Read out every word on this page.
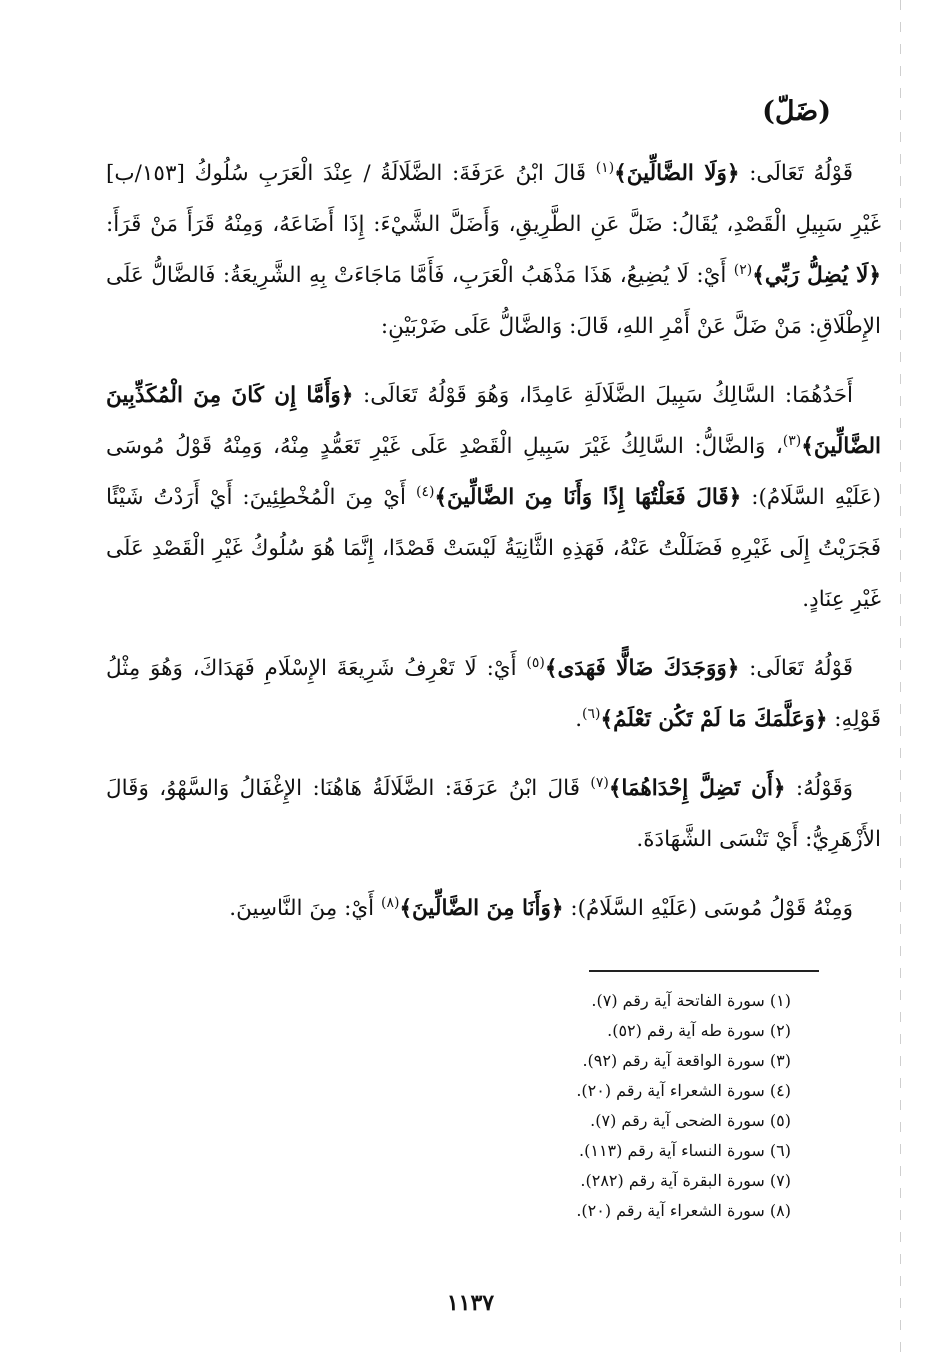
(ضَلّ)

قَوْلُهُ تَعَالَى: ﴿وَلَا الضَّالِّينَ﴾$^{(١)}$ قَالَ ابْنُ عَرَفَةَ: الضَّلَالَةُ / عِنْدَ الْعَرَبِ سُلُوكُ [١٥٣/ب] غَيْرِ سَبِيلِ الْقَصْدِ، يُقَالُ: ضَلَّ عَنِ الطَّرِيقِ، وَأَضَلَّ الشَّيْءَ: إِذَا أَضَاعَهُ، وَمِنْهُ قَرَأَ مَنْ قَرَأَ: ﴿لَا يُضِلُّ رَبِّي﴾$^{(٢)}$ أَيْ: لَا يُضِيعُ، هَذَا مَذْهَبُ الْعَرَبِ، فَأَمَّا مَاجَاءَتْ بِهِ الشَّرِيعَةُ: فَالضَّالُّ عَلَى الإِطْلَاقِ: مَنْ ضَلَّ عَنْ أَمْرِ اللهِ، قَالَ: وَالضَّالُّ عَلَى ضَرْبَيْنِ:

أَحَدُهُمَا: السَّالِكُ سَبِيلَ الضَّلَالَةِ عَامِدًا، وَهُوَ قَوْلُهُ تَعَالَى: ﴿وَأَمَّا إِن كَانَ مِنَ الْمُكَذِّبِينَ الضَّالِّينَ﴾$^{(٣)}$، وَالضَّالُّ: السَّالِكُ غَيْرَ سَبِيلِ الْقَصْدِ عَلَى غَيْرِ تَعَمُّدٍ مِنْهُ، وَمِنْهُ قَوْلُ مُوسَى (عَلَيْهِ السَّلَامُ): ﴿قَالَ فَعَلْتُهَا إِذًا وَأَنَا مِنَ الضَّالِّينَ﴾$^{(٤)}$ أَيْ مِنَ الْمُخْطِئِينَ: أَيْ أَرَدْتُ شَيْئًا فَجَرَيْتُ إِلَى غَيْرِهِ فَضَلَلْتُ عَنْهُ، فَهَذِهِ الثَّانِيَةُ لَيْسَتْ قَصْدًا، إِنَّمَا هُوَ سُلُوكُ غَيْرِ الْقَصْدِ عَلَى غَيْرِ عِنَادٍ.

قَوْلُهُ تَعَالَى: ﴿وَوَجَدَكَ ضَالًّا فَهَدَى﴾$^{(٥)}$ أَيْ: لَا تَعْرِفُ شَرِيعَةَ الإِسْلَامِ فَهَدَاكَ، وَهُوَ مِثْلُ قَوْلِهِ: ﴿وَعَلَّمَكَ مَا لَمْ تَكُن تَعْلَمُ﴾$^{(٦)}$.

وَقَوْلُهُ: ﴿أَن تَضِلَّ إِحْدَاهُمَا﴾$^{(٧)}$ قَالَ ابْنُ عَرَفَةَ: الضَّلَالَةُ هَاهُنَا: الإِغْفَالُ وَالسَّهْوُ، وَقَالَ الأَزْهَرِيُّ: أَيْ تَنْسَى الشَّهَادَةَ.

وَمِنْهُ قَوْلُ مُوسَى (عَلَيْهِ السَّلَامُ): ﴿وَأَنَا مِنَ الضَّالِّينَ﴾$^{(٨)}$ أَيْ: مِنَ النَّاسِينَ.

(١) سورة الفاتحة آية رقم (٧).
(٢) سورة طه آية رقم (٥٢).
(٣) سورة الواقعة آية رقم (٩٢).
(٤) سورة الشعراء آية رقم (٢٠).
(٥) سورة الضحى آية رقم (٧).
(٦) سورة النساء آية رقم (١١٣).
(٧) سورة البقرة آية رقم (٢٨٢).
(٨) سورة الشعراء آية رقم (٢٠).
١١٣٧
